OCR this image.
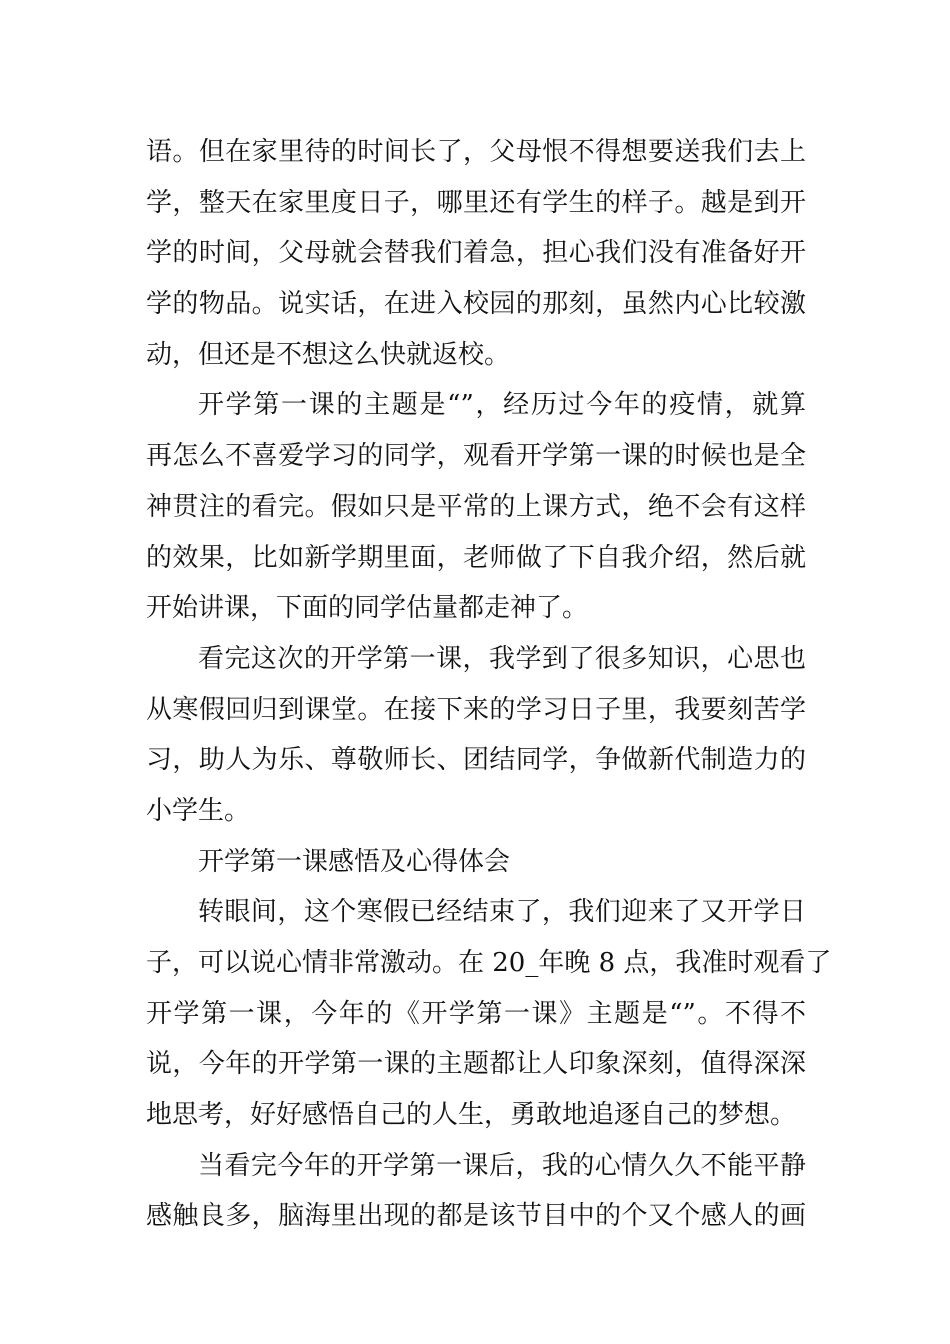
语。但在家里待的时间长了，父母恨不得想要送我们去上
学，整天在家里度日子，哪里还有学生的样子。越是到开
学的时间，父母就会替我们着急，担心我们没有准备好开
学的物品。说实话，在进入校园的那刻，虽然内心比较激
动，但还是不想这么快就返校。
开学第一课的主题是“”，经历过今年的疫情，就算
再怎么不喜爱学习的同学，观看开学第一课的时候也是全
神贯注的看完。假如只是平常的上课方式，绝不会有这样
的效果，比如新学期里面，老师做了下自我介绍，然后就
开始讲课，下面的同学估量都走神了。
看完这次的开学第一课，我学到了很多知识，心思也
从寒假回归到课堂。在接下来的学习日子里，我要刻苦学
习，助人为乐、尊敬师长、团结同学，争做新代制造力的
小学生。
开学第一课感悟及心得体会
转眼间，这个寒假已经结束了，我们迎来了又开学日
子，可以说心情非常激动。在 20_年晚 8 点，我准时观看了
开学第一课，今年的《开学第一课》主题是“”。不得不
说，今年的开学第一课的主题都让人印象深刻，值得深深
地思考，好好感悟自己的人生，勇敢地追逐自己的梦想。
当看完今年的开学第一课后，我的心情久久不能平静
感触良多，脑海里出现的都是该节目中的个又个感人的画
